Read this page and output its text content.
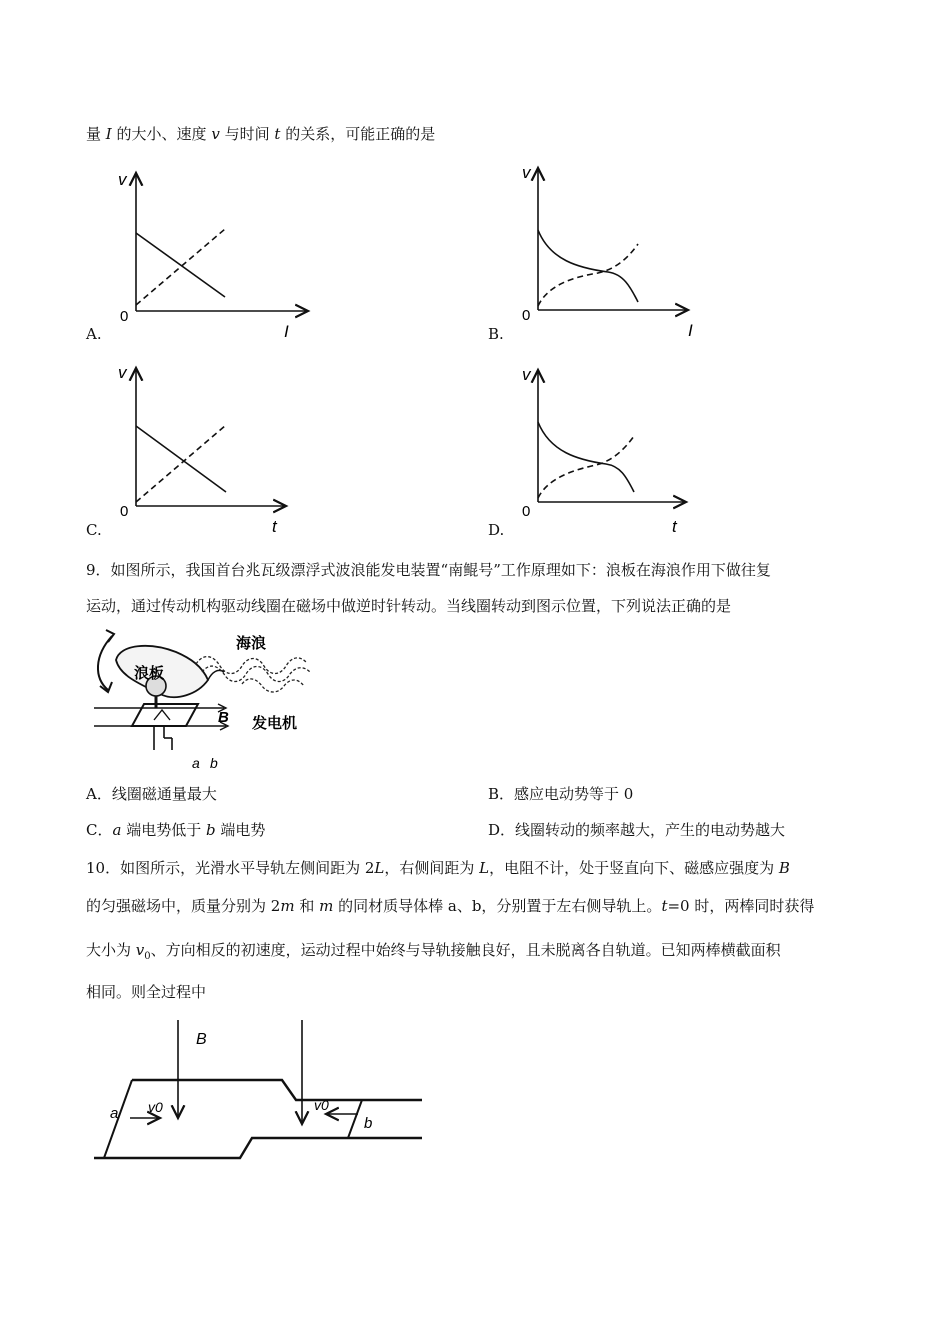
量 I 的大小、速度 v 与时间 t 的关系，可能正确的是
v
0
I
A.
v
0
I
B.
v
0
t
C.
v
0
t
D.
9．如图所示，我国首台兆瓦级漂浮式波浪能发电装置“南鲲号”工作原理如下：浪板在海浪作用下做往复
运动，通过传动机构驱动线圈在磁场中做逆时针转动。当线圈转动到图示位置，下列说法正确的是
浪板
海浪
B 发电机
a b
A．线圈磁通量最大	B．感应电动势等于 0
C．a 端电势低于 b 端电势	D．线圈转动的频率越大，产生的电动势越大
10．如图所示，光滑水平导轨左侧间距为 2L，右侧间距为 L，电阻不计，处于竖直向下、磁感应强度为 B
的匀强磁场中，质量分别为 2m 和 m 的同材质导体棒 a、b，分别置于左右侧导轨上。t=0 时，两棒同时获得
大小为 $v_0$、方向相反的初速度，运动过程中始终与导轨接触良好，且未脱离各自轨道。已知两棒横截面积
相同。则全过程中
B
a v0	v0
b
